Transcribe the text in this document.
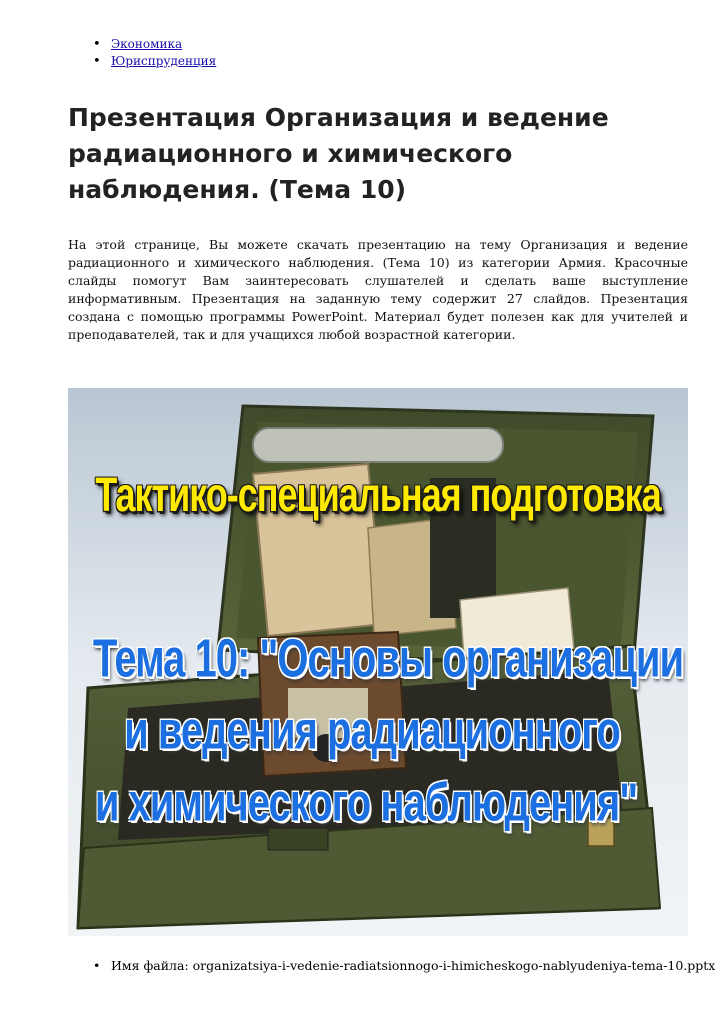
• Экономика
• Юриспруденция
Презентация Организация и ведение радиационного и химического наблюдения. (Тема 10)

На этой странице, Вы можете скачать презентацию на тему Организация и ведение радиационного и химического наблюдения. (Тема 10) из категории Армия. Красочные слайды помогут Вам заинтересовать слушателей и сделать ваше выступление информативным. Презентация на заданную тему содержит 27 слайдов. Презентация создана с помощью программы PowerPoint. Материал будет полезен как для учителей и преподавателей, так и для учащихся любой возрастной категории.

Тактико-специальная подготовка
Тема 10: "Основы организации
и ведения радиационного
и химического наблюдения"
• Имя файла: organizatsiya-i-vedenie-radiatsionnogo-i-himicheskogo-nablyudeniya-tema-10.pptx
